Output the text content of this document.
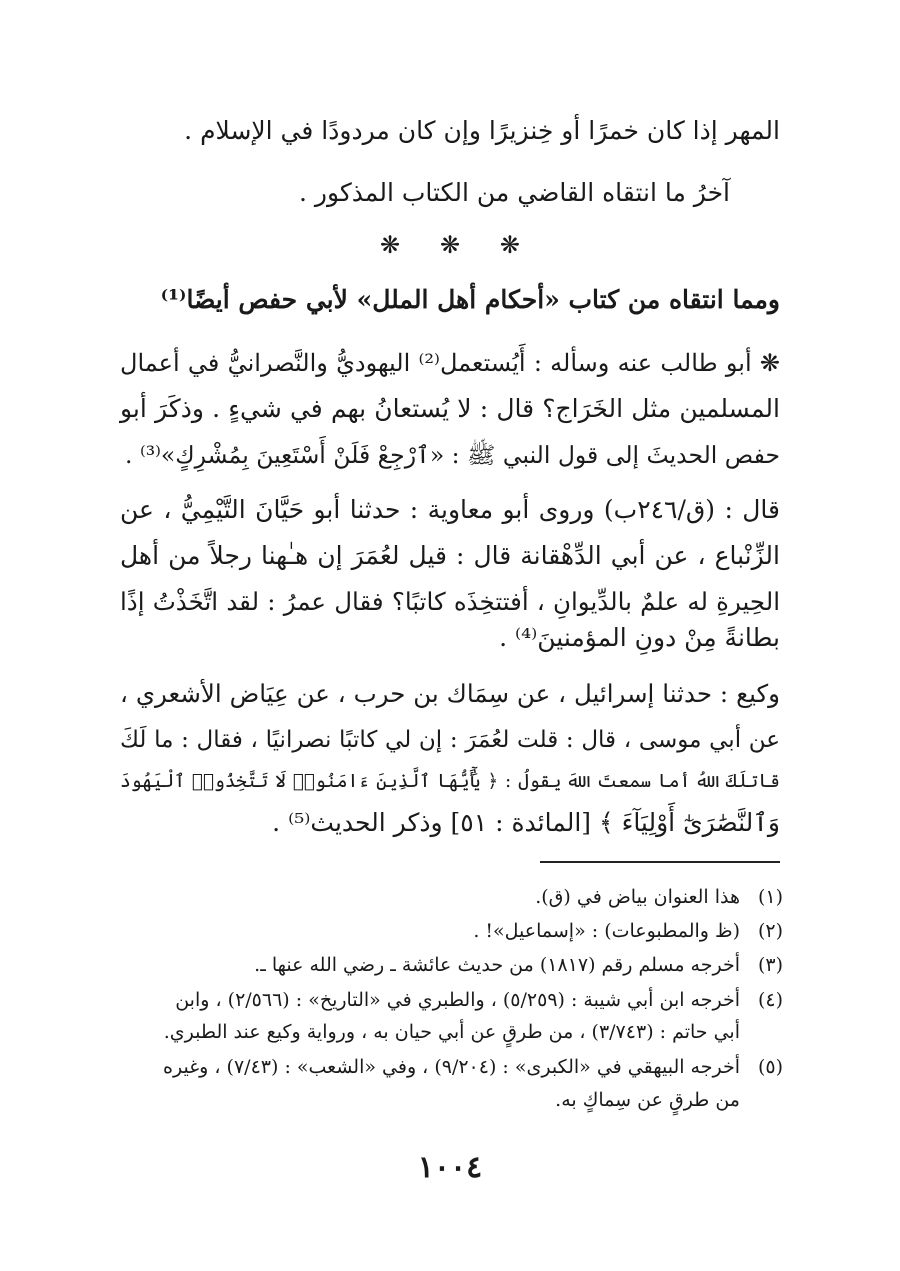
المهر إذا كان خمرًا أو خِنزيرًا وإن كان مردودًا في الإسلام .
آخرُ ما انتقاه القاضي من الكتاب المذكور .
❋ ❋ ❋
ومما انتقاه من كتاب «أحكام أهل الملل» لأبي حفص أيضًا⁽¹⁾
❋ أبو طالب عنه وسأله : أَيُستعمل⁽²⁾ اليهوديُّ والنَّصرانيُّ في أعمال
المسلمين مثل الخَرَاج؟ قال : لا يُستعانُ بهم في شيءٍ . وذكَرَ أبو
حفص الحديثَ إلى قول النبي ﷺ : «ٱرْجِعْ فَلَنْ أَسْتَعِينَ بِمُشْرِكٍ»⁽³⁾ .
قال : (ق/٢٤٦ب) وروى أبو معاوية : حدثنا أبو حَيَّانَ التَّيْمِيُّ ، عن
الزِّنْباع ، عن أبي الدِّهْقانة قال : قيل لعُمَرَ إن هـٰهنا رجلاً من أهل
الحِيرةِ له علمٌ بالدِّيوانِ ، أفتتخِذَه كاتبًا؟ فقال عمرُ : لقد اتَّخَذْتُ إذًا
بطانةً مِنْ دونِ المؤمنينَ⁽⁴⁾ .
وكيع : حدثنا إسرائيل ، عن سِمَاك بن حرب ، عن عِيَاض الأشعري ،
عن أبي موسى ، قال : قلت لعُمَرَ : إن لي كاتبًا نصرانيًا ، فقال : ما لَكَ
قاتلَكَ اللهُ أما سمعتَ اللهَ يقولُ : ﴿ يَٰٓأَيُّهَا ٱلَّذِينَ ءَامَنُوا۟ لَا تَتَّخِذُوا۟ ٱلْيَهُودَ
وَٱلنَّصَٰرَىٰٓ أَوْلِيَآءَ ﴾ [المائدة : ٥١] وذكر الحديث⁽⁵⁾ .
(١)
هذا العنوان بياض في (ق).
(٢)
(ظ والمطبوعات) : «إسماعيل»! .
(٣)
أخرجه مسلم رقم (١٨١٧) من حديث عائشة ـ رضي الله عنها ـ.
(٤)
أخرجه ابن أبي شيبة : (٥/٢٥٩) ، والطبري في «التاريخ» : (٢/٥٦٦) ، وابن
أبي حاتم : (٣/٧٤٣) ، من طرقٍ عن أبي حيان به ، ورواية وكيع عند الطبري.
(٥)
أخرجه البيهقي في «الكبرى» : (٩/٢٠٤) ، وفي «الشعب» : (٧/٤٣) ، وغيره
من طرقٍ عن سِماكٍ به.
١٠٠٤
